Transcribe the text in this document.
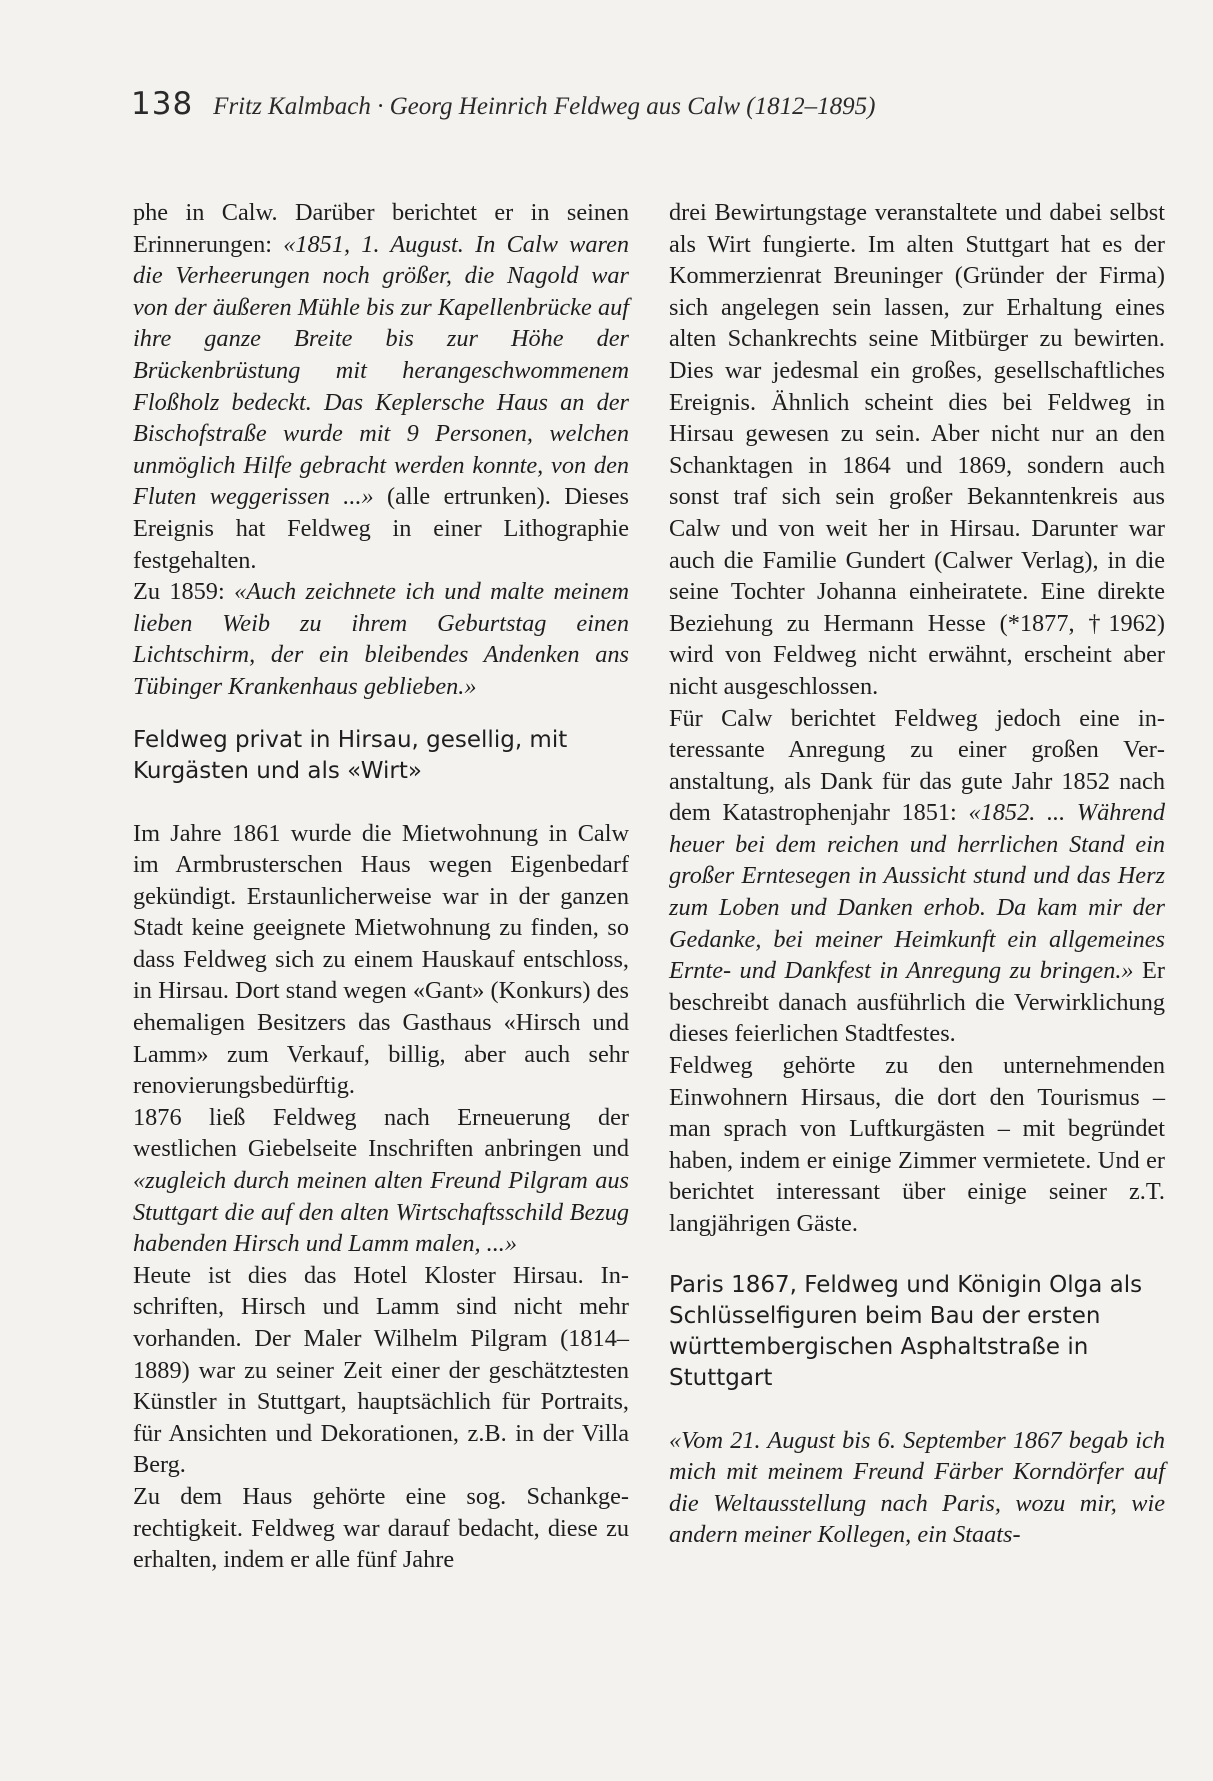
138 Fritz Kalmbach · Georg Heinrich Feldweg aus Calw (1812–1895)

phe in Calw. Darüber berichtet er in seinen Erinnerungen: «1851, 1. August. In Calw waren die Verheerungen noch größer, die Nagold war von der äußeren Mühle bis zur Kapellenbrücke auf ihre ganze Breite bis zur Höhe der Brückenbrüstung mit herangeschwommenem Floßholz bedeckt. Das Keplersche Haus an der Bischofstraße wurde mit 9 Personen, welchen unmöglich Hilfe gebracht werden konnte, von den Fluten weggerissen ...» (alle ertrunken). Dieses Ereignis hat Feldweg in einer Lithographie festgehalten.

Zu 1859: «Auch zeichnete ich und malte meinem lieben Weib zu ihrem Geburtstag einen Lichtschirm, der ein bleibendes Andenken ans Tübinger Krankenhaus geblieben.»

Feldweg privat in Hirsau, gesellig, mit Kurgästen und als «Wirt»

Im Jahre 1861 wurde die Mietwohnung in Calw im Armbrusterschen Haus wegen Eigenbedarf gekündigt. Erstaunlicherweise war in der ganzen Stadt keine geeignete Mietwohnung zu finden, so dass Feldweg sich zu einem Hauskauf entschloss, in Hirsau. Dort stand wegen «Gant» (Konkurs) des ehemaligen Besitzers das Gasthaus «Hirsch und Lamm» zum Verkauf, billig, aber auch sehr renovierungsbedürftig.

1876 ließ Feldweg nach Erneuerung der westlichen Giebelseite Inschriften anbringen und «zugleich durch meinen alten Freund Pilgram aus Stuttgart die auf den alten Wirtschaftsschild Bezug habenden Hirsch und Lamm malen, ...»

Heute ist dies das Hotel Kloster Hirsau. Inschriften, Hirsch und Lamm sind nicht mehr vorhanden. Der Maler Wilhelm Pilgram (1814–1889) war zu seiner Zeit einer der geschätztesten Künstler in Stuttgart, hauptsächlich für Portraits, für Ansichten und Dekorationen, z.B. in der Villa Berg.

Zu dem Haus gehörte eine sog. Schankgerechtigkeit. Feldweg war darauf bedacht, diese zu erhalten, indem er alle fünf Jahre

drei Bewirtungstage veranstaltete und dabei selbst als Wirt fungierte. Im alten Stuttgart hat es der Kommerzienrat Breuninger (Gründer der Firma) sich angelegen sein lassen, zur Erhaltung eines alten Schankrechts seine Mitbürger zu bewirten. Dies war jedesmal ein großes, gesellschaftliches Ereignis. Ähnlich scheint dies bei Feldweg in Hirsau gewesen zu sein. Aber nicht nur an den Schanktagen in 1864 und 1869, sondern auch sonst traf sich sein großer Bekanntenkreis aus Calw und von weit her in Hirsau. Darunter war auch die Familie Gundert (Calwer Verlag), in die seine Tochter Johanna einheiratete. Eine direkte Beziehung zu Hermann Hesse (*1877, †1962) wird von Feldweg nicht erwähnt, erscheint aber nicht ausgeschlossen.

Für Calw berichtet Feldweg jedoch eine interessante Anregung zu einer großen Veranstaltung, als Dank für das gute Jahr 1852 nach dem Katastrophenjahr 1851: «1852. ... Während heuer bei dem reichen und herrlichen Stand ein großer Erntesegen in Aussicht stund und das Herz zum Loben und Danken erhob. Da kam mir der Gedanke, bei meiner Heimkunft ein allgemeines Ernte- und Dankfest in Anregung zu bringen.» Er beschreibt danach ausführlich die Verwirklichung dieses feierlichen Stadtfestes.

Feldweg gehörte zu den unternehmenden Einwohnern Hirsaus, die dort den Tourismus – man sprach von Luftkurgästen – mit begründet haben, indem er einige Zimmer vermietete. Und er berichtet interessant über einige seiner z.T. langjährigen Gäste.

Paris 1867, Feldweg und Königin Olga als Schlüsselfiguren beim Bau der ersten württembergischen Asphaltstraße in Stuttgart

«Vom 21. August bis 6. September 1867 begab ich mich mit meinem Freund Färber Korndörfer auf die Weltausstellung nach Paris, wozu mir, wie andern meiner Kollegen, ein Staats-
